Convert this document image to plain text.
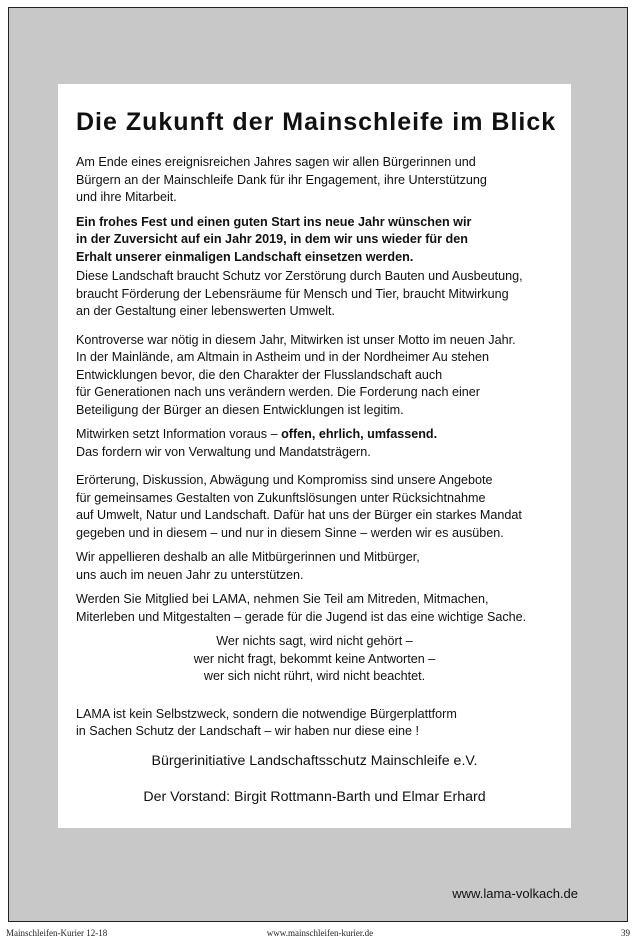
Die Zukunft der Mainschleife im Blick
Am Ende eines ereignisreichen Jahres sagen wir allen Bürgerinnen und
Bürgern an der Mainschleife Dank für ihr Engagement, ihre Unterstützung
und ihre Mitarbeit.
Ein frohes Fest und einen guten Start ins neue Jahr wünschen wir
in der Zuversicht auf ein Jahr 2019, in dem wir uns wieder für den
Erhalt unserer einmaligen Landschaft einsetzen werden.
Diese Landschaft braucht Schutz vor Zerstörung durch Bauten und Ausbeutung,
braucht Förderung der Lebensräume für Mensch und Tier, braucht Mitwirkung
an der Gestaltung einer lebenswerten Umwelt.
Kontroverse war nötig in diesem Jahr, Mitwirken ist unser Motto im neuen Jahr.
In der Mainlände, am Altmain in Astheim und in der Nordheimer Au stehen
Entwicklungen bevor, die den Charakter der Flusslandschaft auch
für Generationen nach uns verändern werden. Die Forderung nach einer
Beteiligung der Bürger an diesen Entwicklungen ist legitim.
Mitwirken setzt Information voraus – offen, ehrlich, umfassend.
Das fordern wir von Verwaltung und Mandatsträgern.
Erörterung, Diskussion, Abwägung und Kompromiss sind unsere Angebote
für gemeinsames Gestalten von Zukunftslösungen unter Rücksichtnahme
auf Umwelt, Natur und Landschaft. Dafür hat uns der Bürger ein starkes Mandat
gegeben und in diesem – und nur in diesem Sinne – werden wir es ausüben.
Wir appellieren deshalb an alle Mitbürgerinnen und Mitbürger,
uns auch im neuen Jahr zu unterstützen.
Werden Sie Mitglied bei LAMA, nehmen Sie Teil am Mitreden, Mitmachen,
Miterleben und Mitgestalten – gerade für die Jugend ist das eine wichtige Sache.
Wer nichts sagt, wird nicht gehört –
wer nicht fragt, bekommt keine Antworten –
wer sich nicht rührt, wird nicht beachtet.
LAMA ist kein Selbstzweck, sondern die notwendige Bürgerplattform
in Sachen Schutz der Landschaft – wir haben nur diese eine !
Bürgerinitiative Landschaftsschutz Mainschleife e.V.
Der Vorstand: Birgit Rottmann-Barth und Elmar Erhard
www.lama-volkach.de
Mainschleifen-Kurier 12-18	www.mainschleifen-kurier.de	39
